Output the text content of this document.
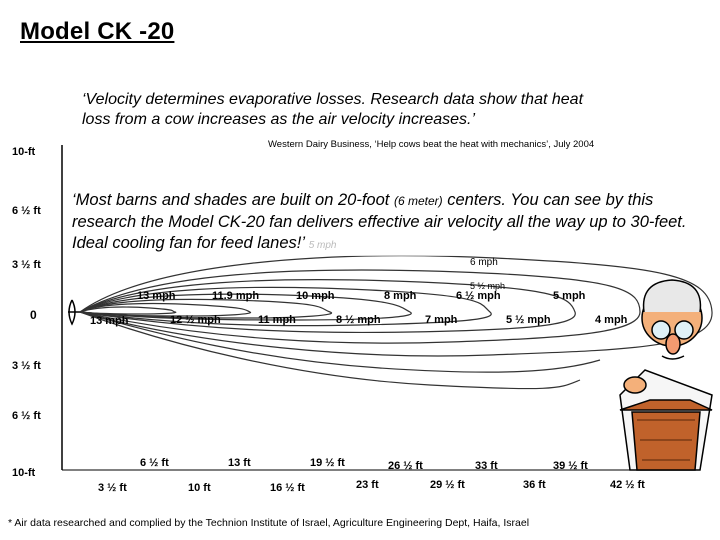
Model CK -20
‘Velocity determines evaporative losses. Research data show that heat loss from a cow increases as the air velocity increases.’
Western Dairy Business, ‘Help cows beat the heat with mechanics’, July 2004
‘Most barns and shades are built on 20-foot (6 meter) centers. You can see by this research the Model CK-20 fan delivers effective air velocity all the way up to 30-feet. Ideal cooling fan for feed lanes!’ 5 mph
10-ft
6 ½ ft
3 ½ ft
0
3 ½ ft
6 ½ ft
10-ft
6 ½ ft	13 ft	19 ½ ft	26 ½ ft	33 ft	39 ½ ft
3 ½ ft	10 ft	16 ½ ft	23 ft	29 ½ ft	36 ft	42 ½ ft
13 mph	11.9 mph	10 mph	8 mph	6 ½ mph	5 mph
13 mph	12 ½ mph	11 mph	8 ½ mph	7 mph	5 ½ mph	4 mph
6 mph
5 ½ mph
* Air data researched and complied by the Technion Institute of Israel, Agriculture Engineering Dept, Haifa, Israel
